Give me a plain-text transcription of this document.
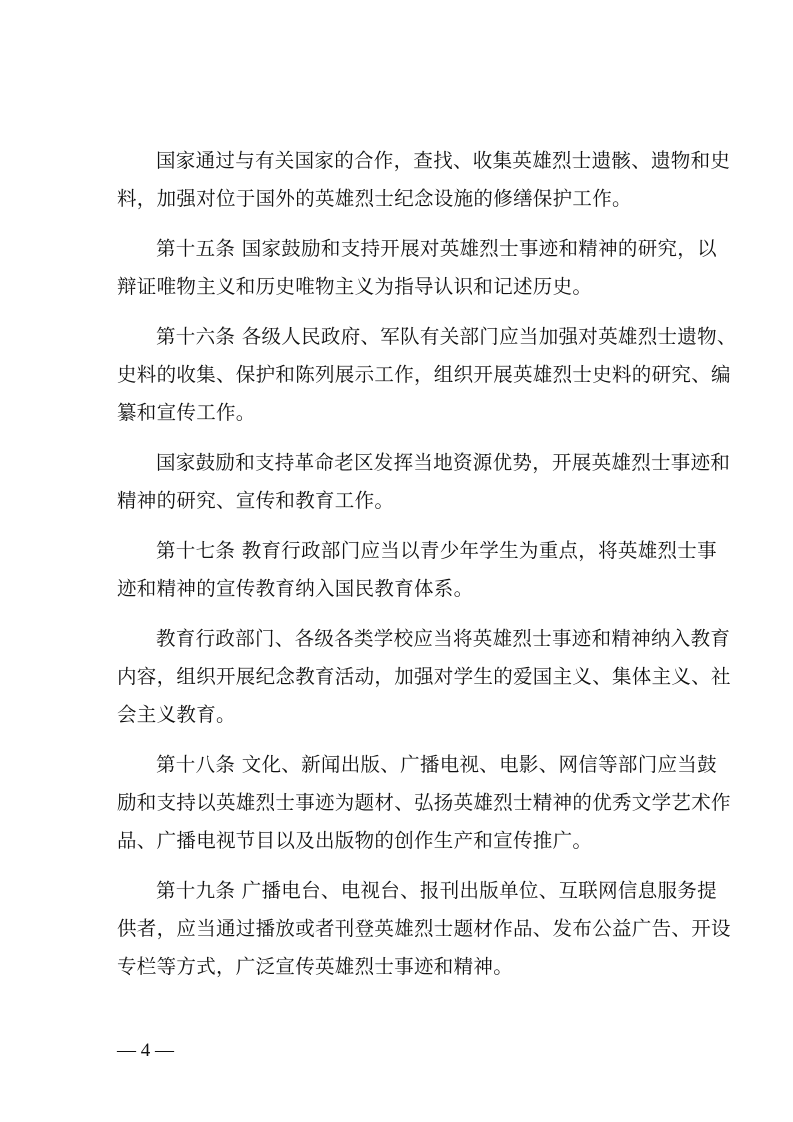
国家通过与有关国家的合作，查找、收集英雄烈士遗骸、遗物和史
料，加强对位于国外的英雄烈士纪念设施的修缮保护工作。

第十五条 国家鼓励和支持开展对英雄烈士事迹和精神的研究，以
辩证唯物主义和历史唯物主义为指导认识和记述历史。

第十六条 各级人民政府、军队有关部门应当加强对英雄烈士遗物、
史料的收集、保护和陈列展示工作，组织开展英雄烈士史料的研究、编
纂和宣传工作。

国家鼓励和支持革命老区发挥当地资源优势，开展英雄烈士事迹和
精神的研究、宣传和教育工作。

第十七条 教育行政部门应当以青少年学生为重点，将英雄烈士事
迹和精神的宣传教育纳入国民教育体系。

教育行政部门、各级各类学校应当将英雄烈士事迹和精神纳入教育
内容，组织开展纪念教育活动，加强对学生的爱国主义、集体主义、社
会主义教育。

第十八条 文化、新闻出版、广播电视、电影、网信等部门应当鼓
励和支持以英雄烈士事迹为题材、弘扬英雄烈士精神的优秀文学艺术作
品、广播电视节目以及出版物的创作生产和宣传推广。

第十九条 广播电台、电视台、报刊出版单位、互联网信息服务提
供者，应当通过播放或者刊登英雄烈士题材作品、发布公益广告、开设
专栏等方式，广泛宣传英雄烈士事迹和精神。

— 4 —
